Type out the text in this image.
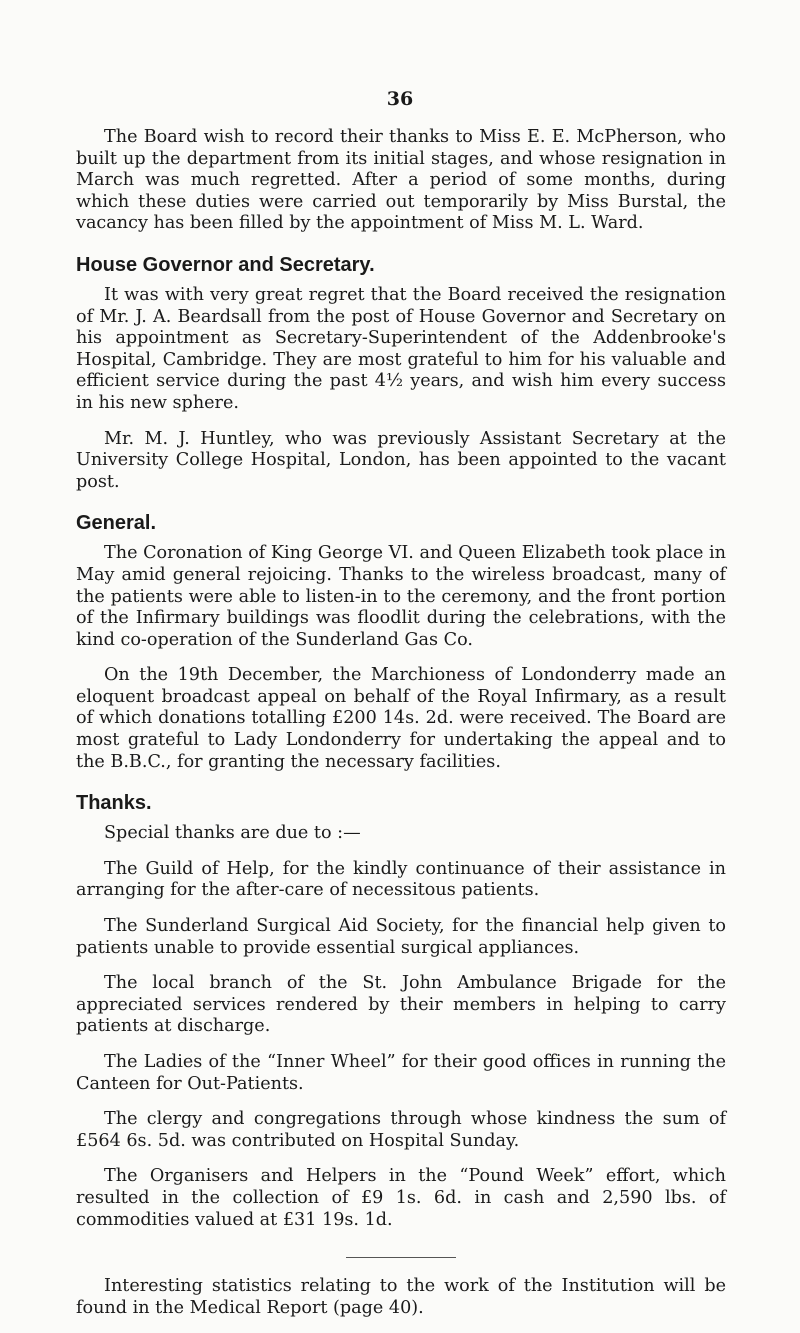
36

The Board wish to record their thanks to Miss E. E. McPherson, who built up the department from its initial stages, and whose resignation in March was much regretted. After a period of some months, during which these duties were carried out temporarily by Miss Burstal, the vacancy has been filled by the appointment of Miss M. L. Ward.

House Governor and Secretary.

It was with very great regret that the Board received the resignation of Mr. J. A. Beardsall from the post of House Governor and Secretary on his appointment as Secretary-Superintendent of the Addenbrooke's Hospital, Cambridge. They are most grateful to him for his valuable and efficient service during the past 4½ years, and wish him every success in his new sphere.

Mr. M. J. Huntley, who was previously Assistant Secretary at the University College Hospital, London, has been appointed to the vacant post.

General.

The Coronation of King George VI. and Queen Elizabeth took place in May amid general rejoicing. Thanks to the wireless broadcast, many of the patients were able to listen-in to the ceremony, and the front portion of the Infirmary buildings was floodlit during the celebrations, with the kind co-operation of the Sunderland Gas Co.

On the 19th December, the Marchioness of Londonderry made an eloquent broadcast appeal on behalf of the Royal Infirmary, as a result of which donations totalling £200 14s. 2d. were received. The Board are most grateful to Lady Londonderry for undertaking the appeal and to the B.B.C., for granting the necessary facilities.

Thanks.

Special thanks are due to :—

The Guild of Help, for the kindly continuance of their assistance in arranging for the after-care of necessitous patients.

The Sunderland Surgical Aid Society, for the financial help given to patients unable to provide essential surgical appliances.

The local branch of the St. John Ambulance Brigade for the appreciated services rendered by their members in helping to carry patients at discharge.

The Ladies of the “Inner Wheel” for their good offices in running the Canteen for Out-Patients.

The clergy and congregations through whose kindness the sum of £564 6s. 5d. was contributed on Hospital Sunday.

The Organisers and Helpers in the “Pound Week” effort, which resulted in the collection of £9 1s. 6d. in cash and 2,590 lbs. of commodities valued at £31 19s. 1d.

Interesting statistics relating to the work of the Institution will be found in the Medical Report (page 40).
